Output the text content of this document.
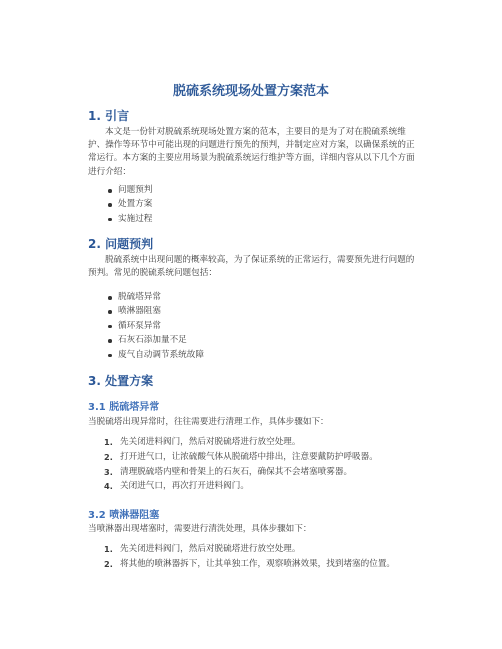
脱硫系统现场处置方案范本
1. 引言

本文是一份针对脱硫系统现场处置方案的范本，主要目的是为了对在脱硫系统维护、操作等环节中可能出现的问题进行预先的预判，并制定应对方案，以确保系统的正常运行。本方案的主要应用场景为脱硫系统运行维护等方面，详细内容从以下几个方面进行介绍：

问题预判
处置方案
实施过程
2. 问题预判

脱硫系统中出现问题的概率较高，为了保证系统的正常运行，需要预先进行问题的预判。常见的脱硫系统问题包括：

脱硫塔异常
喷淋器阻塞
循环泵异常
石灰石添加量不足
废气自动调节系统故障
3. 处置方案
3.1 脱硫塔异常

当脱硫塔出现异常时，往往需要进行清理工作，具体步骤如下：

1. 先关闭进料阀门，然后对脱硫塔进行放空处理。
2. 打开进气口，让浓硫酸气体从脱硫塔中排出，注意要戴防护呼吸器。
3. 清理脱硫塔内壁和骨架上的石灰石，确保其不会堵塞喷雾器。
4. 关闭进气口，再次打开进料阀门。
3.2 喷淋器阻塞

当喷淋器出现堵塞时，需要进行清洗处理，具体步骤如下：

1. 先关闭进料阀门，然后对脱硫塔进行放空处理。
2. 将其他的喷淋器拆下，让其单独工作，观察喷淋效果，找到堵塞的位置。
